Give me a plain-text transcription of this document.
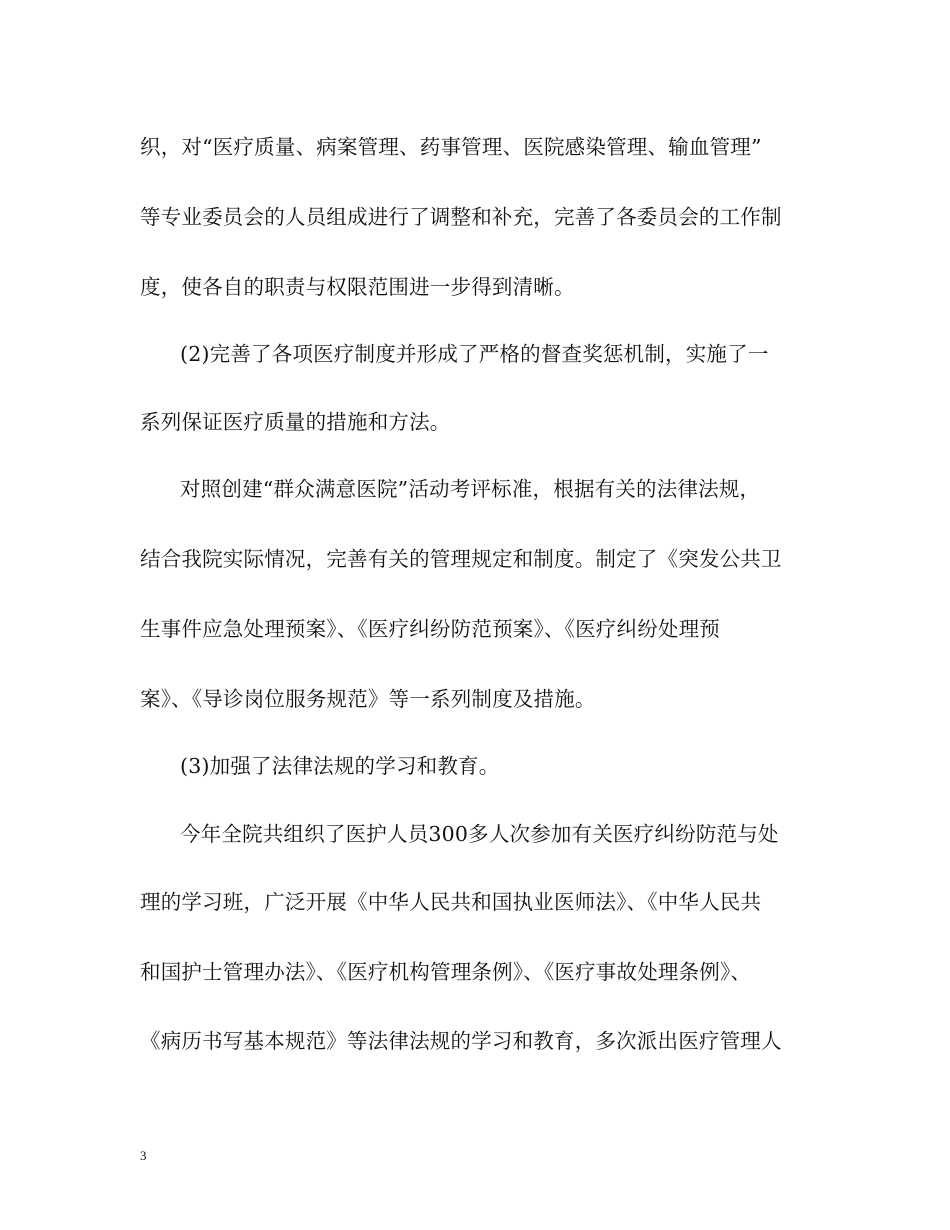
织，对“医疗质量、病案管理、药事管理、医院感染管理、输血管理”
等专业委员会的人员组成进行了调整和补充，完善了各委员会的工作制
度，使各自的职责与权限范围进一步得到清晰。
(2)完善了各项医疗制度并形成了严格的督查奖惩机制，实施了一
系列保证医疗质量的措施和方法。
对照创建“群众满意医院”活动考评标准，根据有关的法律法规，
结合我院实际情况，完善有关的管理规定和制度。制定了《突发公共卫
生事件应急处理预案》、《医疗纠纷防范预案》、《医疗纠纷处理预
案》、《导诊岗位服务规范》等一系列制度及措施。
(3)加强了法律法规的学习和教育。
今年全院共组织了医护人员300多人次参加有关医疗纠纷防范与处
理的学习班，广泛开展《中华人民共和国执业医师法》、《中华人民共
和国护士管理办法》、《医疗机构管理条例》、《医疗事故处理条例》、
《病历书写基本规范》等法律法规的学习和教育，多次派出医疗管理人
3
